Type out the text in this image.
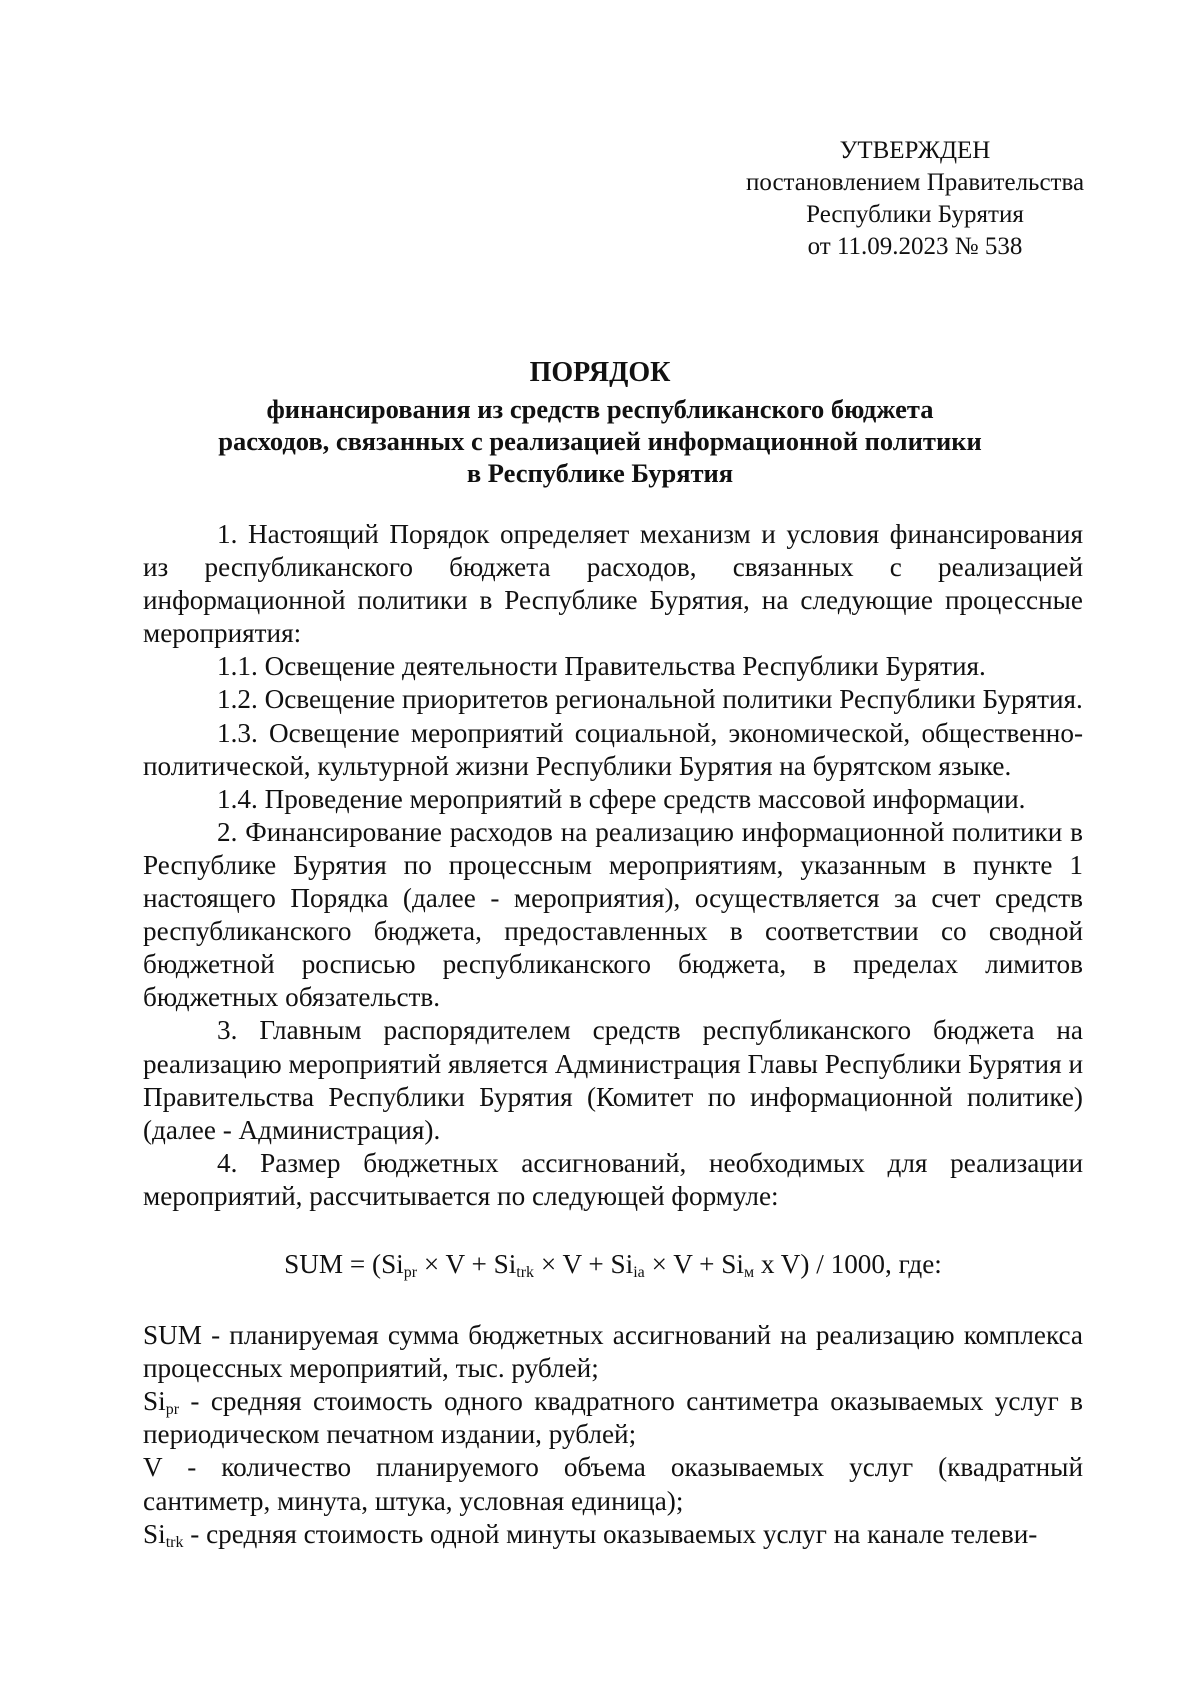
УТВЕРЖДЕН
постановлением Правительства
Республики Бурятия
от 11.09.2023 № 538
ПОРЯДОК
финансирования из средств республиканского бюджета
расходов, связанных с реализацией информационной политики
в Республике Бурятия

1. Настоящий Порядок определяет механизм и условия финансирования из республиканского бюджета расходов, связанных с реализацией информационной политики в Республике Бурятия, на следующие процессные мероприятия:

1.1. Освещение деятельности Правительства Республики Бурятия.

1.2. Освещение приоритетов региональной политики Республики Бурятия.

1.3. Освещение мероприятий социальной, экономической, общественно-политической, культурной жизни Республики Бурятия на бурятском языке.

1.4. Проведение мероприятий в сфере средств массовой информации.

2. Финансирование расходов на реализацию информационной политики в Республике Бурятия по процессным мероприятиям, указанным в пункте 1 настоящего Порядка (далее - мероприятия), осуществляется за счет средств республиканского бюджета, предоставленных в соответствии со сводной бюджетной росписью республиканского бюджета, в пределах лимитов бюджетных обязательств.

3. Главным распорядителем средств республиканского бюджета на реализацию мероприятий является Администрация Главы Республики Бурятия и Правительства Республики Бурятия (Комитет по информационной политике) (далее - Администрация).

4. Размер бюджетных ассигнований, необходимых для реализации мероприятий, рассчитывается по следующей формуле:

SUM = ($Si_{pr} \times V + Si_{trk} \times V + Si_{ia} \times V + Si_м$ x V) / 1000, где:

SUM - планируемая сумма бюджетных ассигнований на реализацию комплекса процессных мероприятий, тыс. рублей;

$Si_{pr}$ - средняя стоимость одного квадратного сантиметра оказываемых услуг в периодическом печатном издании, рублей;

V - количество планируемого объема оказываемых услуг (квадратный сантиметр, минута, штука, условная единица);

$Si_{trk}$ - средняя стоимость одной минуты оказываемых услуг на канале телеви-
